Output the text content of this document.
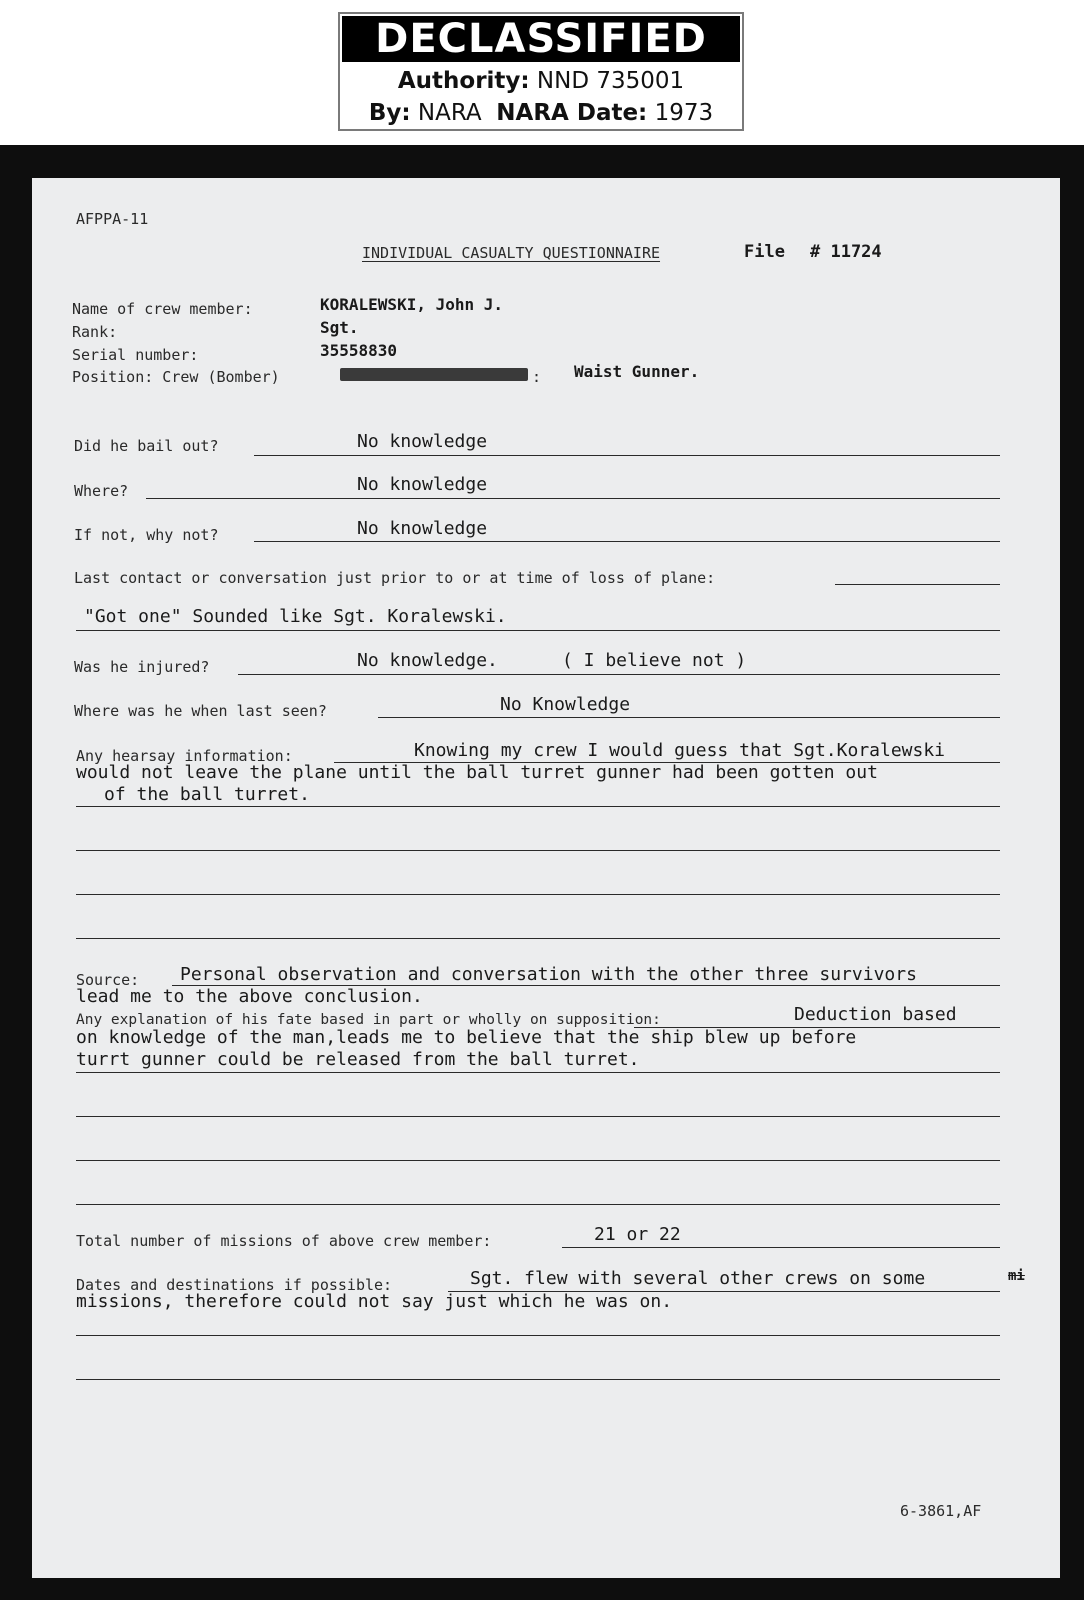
DECLASSIFIED
Authority: NND 735001
By: NARA NARA Date: 1973
AFPPA-11
INDIVIDUAL CASUALTY QUESTIONNAIRE	File # 11724
Name of crew member:	KORALEWSKI, John J.
Rank:	Sgt.
Serial number:	35558830
Position: Crew (Bomber)	: Waist Gunner.
Did he bail out?	No knowledge
Where?	No knowledge
If not, why not?	No knowledge
Last contact or conversation just prior to or at time of loss of plane:
"Got one" Sounded like Sgt. Koralewski.
Was he injured?	No knowledge.	( I believe not )
Where was he when last seen?	No Knowledge
Any hearsay information:	Knowing my crew I would guess that Sgt.Koralewski
would not leave the plane until the ball turret gunner had been gotten out
of the ball turret.
Source: Personal observation and conversation with the other three survivors
lead me to the above conclusion.
Any explanation of his fate based in part or wholly on supposition:	Deduction based
on knowledge of the man,leads me to believe that the ship blew up before
turrt gunner could be released from the ball turret.
Total number of missions of above crew member:	21 or 22
Dates and destinations if possible:	Sgt. flew with several other crews on some	mi
missions, therefore could not say just which he was on.
6-3861,AF
